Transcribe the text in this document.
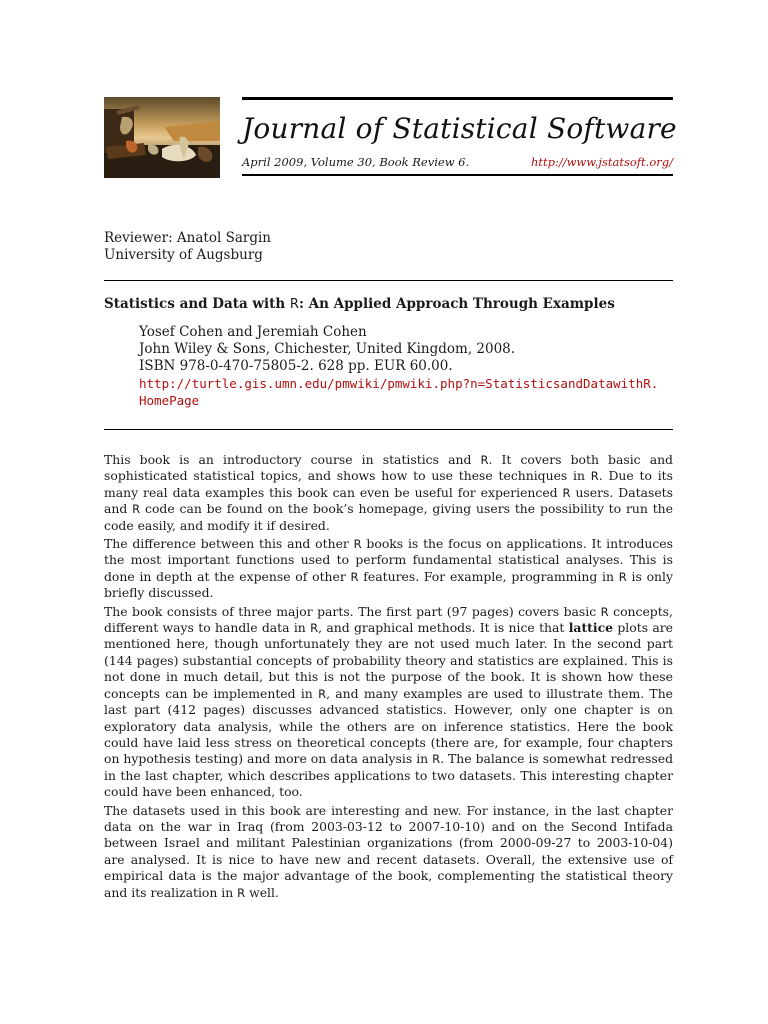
Journal of Statistical Software
April 2009, Volume 30, Book Review 6.	http://www.jstatsoft.org/
Reviewer: Anatol Sargin
University of Augsburg
Statistics and Data with R: An Applied Approach Through Examples
Yosef Cohen and Jeremiah Cohen
John Wiley & Sons, Chichester, United Kingdom, 2008.
ISBN 978-0-470-75805-2. 628 pp. EUR 60.00.
http://turtle.gis.umn.edu/pmwiki/pmwiki.php?n=StatisticsandDatawithR.
HomePage

This book is an introductory course in statistics and R. It covers both basic and sophisticated statistical topics, and shows how to use these techniques in R. Due to its many real data examples this book can even be useful for experienced R users. Datasets and R code can be found on the book’s homepage, giving users the possibility to run the code easily, and modify it if desired.

The difference between this and other R books is the focus on applications. It introduces the most important functions used to perform fundamental statistical analyses. This is done in depth at the expense of other R features. For example, programming in R is only briefly discussed.

The book consists of three major parts. The first part (97 pages) covers basic R concepts, different ways to handle data in R, and graphical methods. It is nice that lattice plots are mentioned here, though unfortunately they are not used much later. In the second part (144 pages) substantial concepts of probability theory and statistics are explained. This is not done in much detail, but this is not the purpose of the book. It is shown how these concepts can be implemented in R, and many examples are used to illustrate them. The last part (412 pages) discusses advanced statistics. However, only one chapter is on exploratory data analysis, while the others are on inference statistics. Here the book could have laid less stress on theoretical concepts (there are, for example, four chapters on hypothesis testing) and more on data analysis in R. The balance is somewhat redressed in the last chapter, which describes applications to two datasets. This interesting chapter could have been enhanced, too.

The datasets used in this book are interesting and new. For instance, in the last chapter data on the war in Iraq (from 2003-03-12 to 2007-10-10) and on the Second Intifada between Israel and militant Palestinian organizations (from 2000-09-27 to 2003-10-04) are analysed. It is nice to have new and recent datasets. Overall, the extensive use of empirical data is the major advantage of the book, complementing the statistical theory and its realization in R well.
